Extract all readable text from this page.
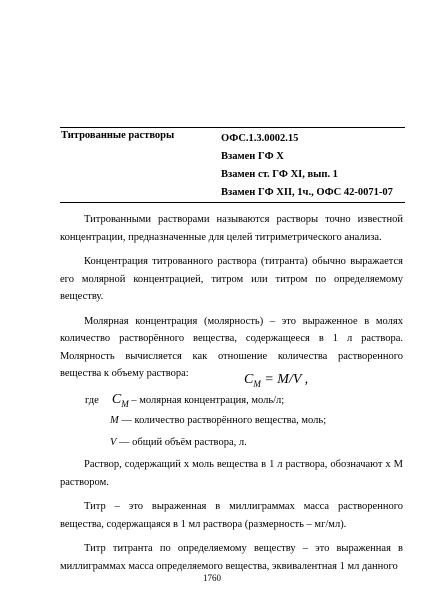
Титрованные растворы	ОФС.1.3.0002.15
Взамен ГФ X
Взамен ст. ГФ XI, вып. 1
Взамен ГФ XII, 1ч., ОФС 42-0071-07

Титрованными растворами называются растворы точно известной концентрации, предназначенные для целей титриметрического анализа.

Концентрация титрованного раствора (титранта) обычно выражается его молярной концентрацией, титром или титром по определяемому веществу.

Молярная концентрация (молярность) – это выраженное в молях количество растворённого вещества, содержащееся в 1 л раствора. Молярность вычисляется как отношение количества растворенного вещества к объему раствора:	$C_M = M/V$ ,
где $C_M$ – молярная концентрация, моль/л;
M — количество растворённого вещества, моль;
V — общий объём раствора, л.

Раствор, содержащий x моль вещества в 1 л раствора, обозначают x М раствором.

Титр – это выраженная в миллиграммах масса растворенного вещества, содержащаяся в 1 мл раствора (размерность – мг/мл).

Титр титранта по определяемому веществу – это выраженная в миллиграммах масса определяемого вещества, эквивалентная 1 мл данного

1760
